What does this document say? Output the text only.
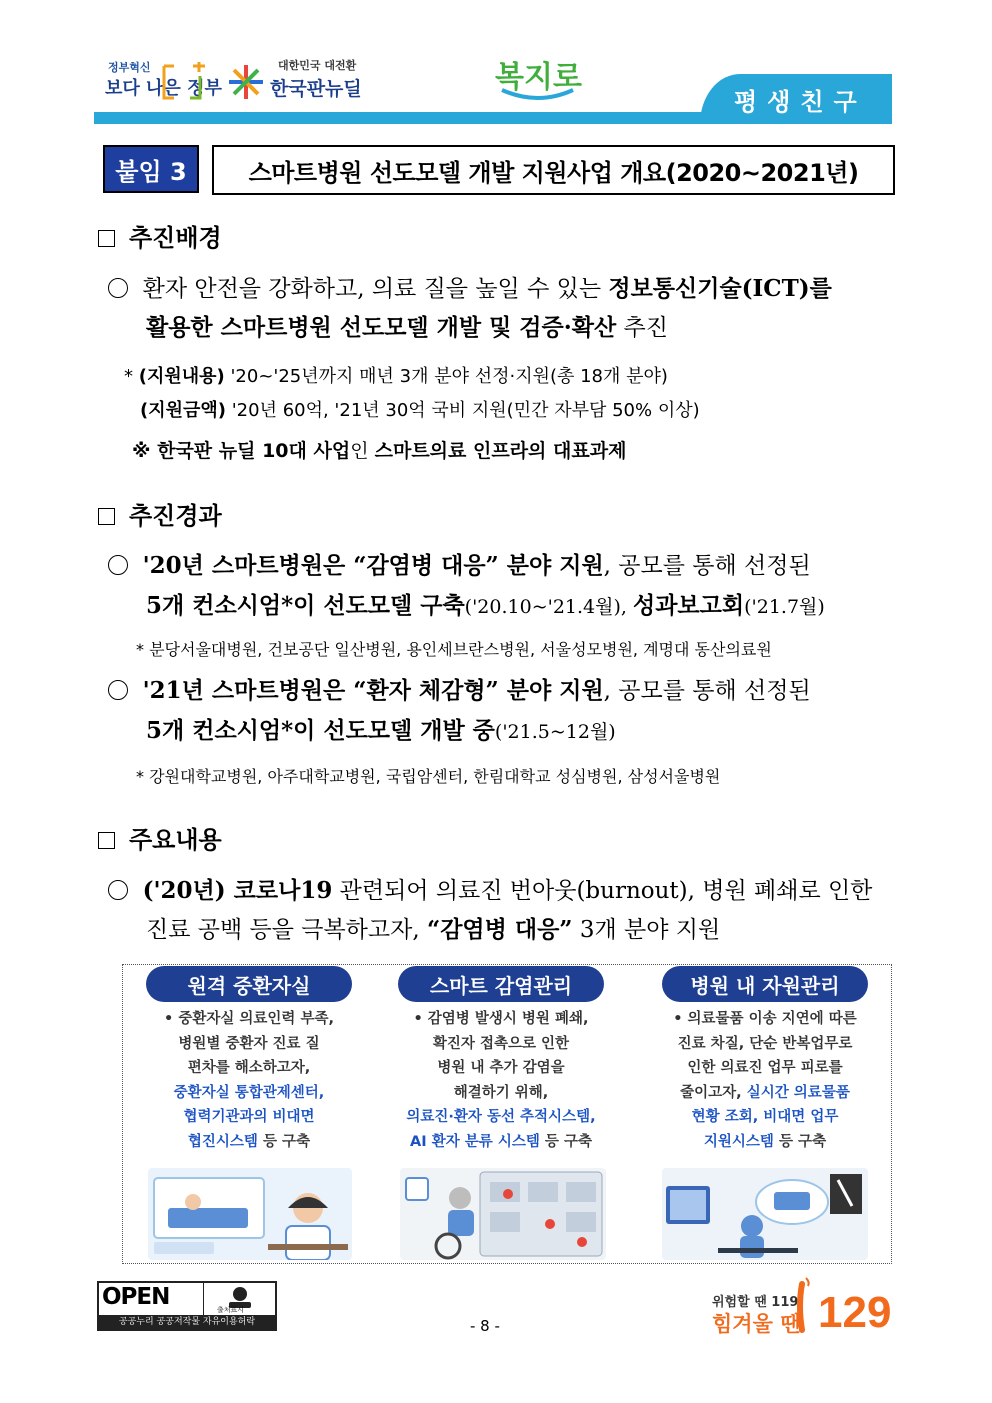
정부혁신
보다 나은 정부
대한민국 대전환
한국판뉴딜	복지로
평생친구
붙임 3	스마트병원 선도모델 개발 지원사업 개요(2020~2021년)
추진배경
환자 안전을 강화하고, 의료 질을 높일 수 있는 정보통신기술(ICT)를
활용한 스마트병원 선도모델 개발 및 검증·확산 추진
* (지원내용) '20~'25년까지 매년 3개 분야 선정·지원(총 18개 분야)
(지원금액) '20년 60억, '21년 30억 국비 지원(민간 자부담 50% 이상)
※ 한국판 뉴딜 10대 사업인 스마트의료 인프라의 대표과제
추진경과
'20년 스마트병원은 “감염병 대응” 분야 지원, 공모를 통해 선정된
5개 컨소시엄*이 선도모델 구축('20.10~'21.4월), 성과보고회('21.7월)
* 분당서울대병원, 건보공단 일산병원, 용인세브란스병원, 서울성모병원, 계명대 동산의료원
'21년 스마트병원은 “환자 체감형” 분야 지원, 공모를 통해 선정된
5개 컨소시엄*이 선도모델 개발 중('21.5~12월)
* 강원대학교병원, 아주대학교병원, 국립암센터, 한림대학교 성심병원, 삼성서울병원
주요내용
('20년) 코로나19 관련되어 의료진 번아웃(burnout), 병원 폐쇄로 인한
진료 공백 등을 극복하고자, “감염병 대응” 3개 분야 지원
원격 중환자실
• 중환자실 의료인력 부족,
병원별 중환자 진료 질
편차를 해소하고자,
중환자실 통합관제센터,
협력기관과의 비대면
협진시스템 등 구축
스마트 감염관리
• 감염병 발생시 병원 폐쇄,
확진자 접촉으로 인한
병원 내 추가 감염을
해결하기 위해,
의료진·환자 동선 추적시스템,
AI 환자 분류 시스템 등 구축
병원 내 자원관리
• 의료물품 이송 지연에 따른
진료 차질, 단순 반복업무로
인한 의료진 업무 피로를
줄이고자, 실시간 의료물품
현황 조회, 비대면 업무
지원시스템 등 구축
OPEN	출처표시
공공누리 공공저작물 자유이용허락	- 8 -
위험할 땐 119
힘겨울 땐 129
